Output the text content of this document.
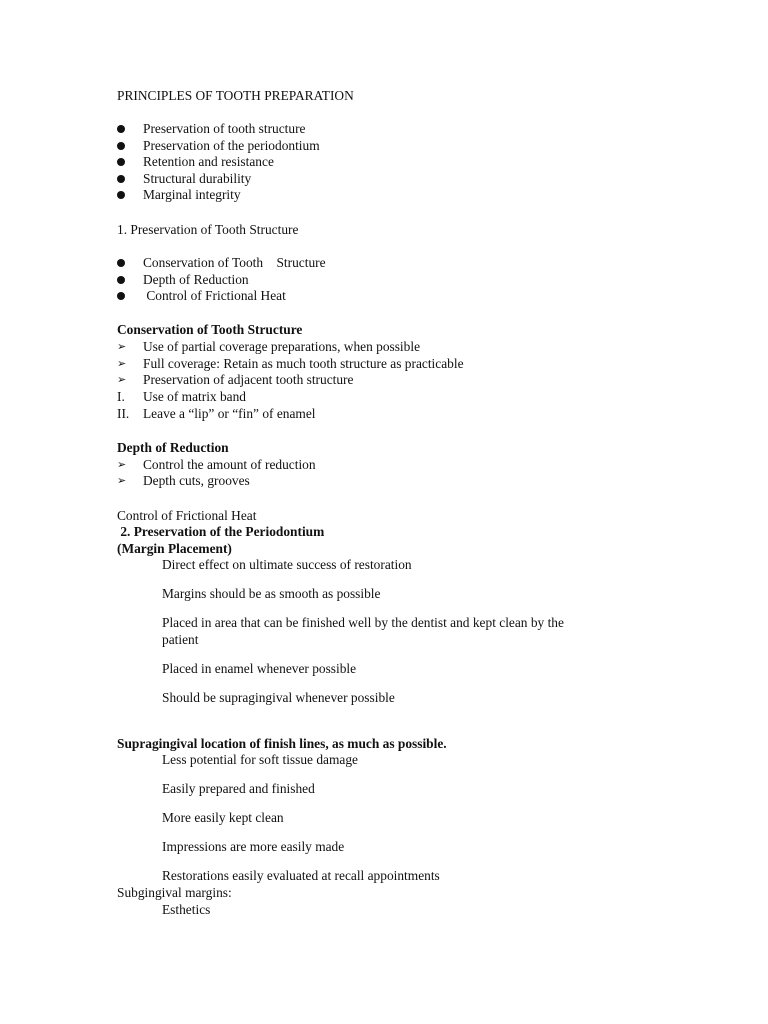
PRINCIPLES OF TOOTH PREPARATION
Preservation of tooth structure
Preservation of the periodontium
Retention and resistance
Structural durability
Marginal integrity
1. Preservation of Tooth Structure
Conservation of Tooth    Structure
Depth of Reduction
Control of Frictional Heat
Conservation of Tooth Structure
➢ Use of partial coverage preparations, when possible
➢ Full coverage: Retain as much tooth structure as practicable
➢ Preservation of adjacent tooth structure
I. Use of matrix band
II. Leave a “lip” or “fin” of enamel
Depth of Reduction
➢ Control the amount of reduction
➢ Depth cuts, grooves
Control of Frictional Heat
2. Preservation of the Periodontium
(Margin Placement)
Direct effect on ultimate success of restoration
Margins should be as smooth as possible
Placed in area that can be finished well by the dentist and kept clean by the
patient
Placed in enamel whenever possible
Should be supragingival whenever possible
Supragingival location of finish lines, as much as possible.
Less potential for soft tissue damage
Easily prepared and finished
More easily kept clean
Impressions are more easily made
Restorations easily evaluated at recall appointments
Subgingival margins:
Esthetics
